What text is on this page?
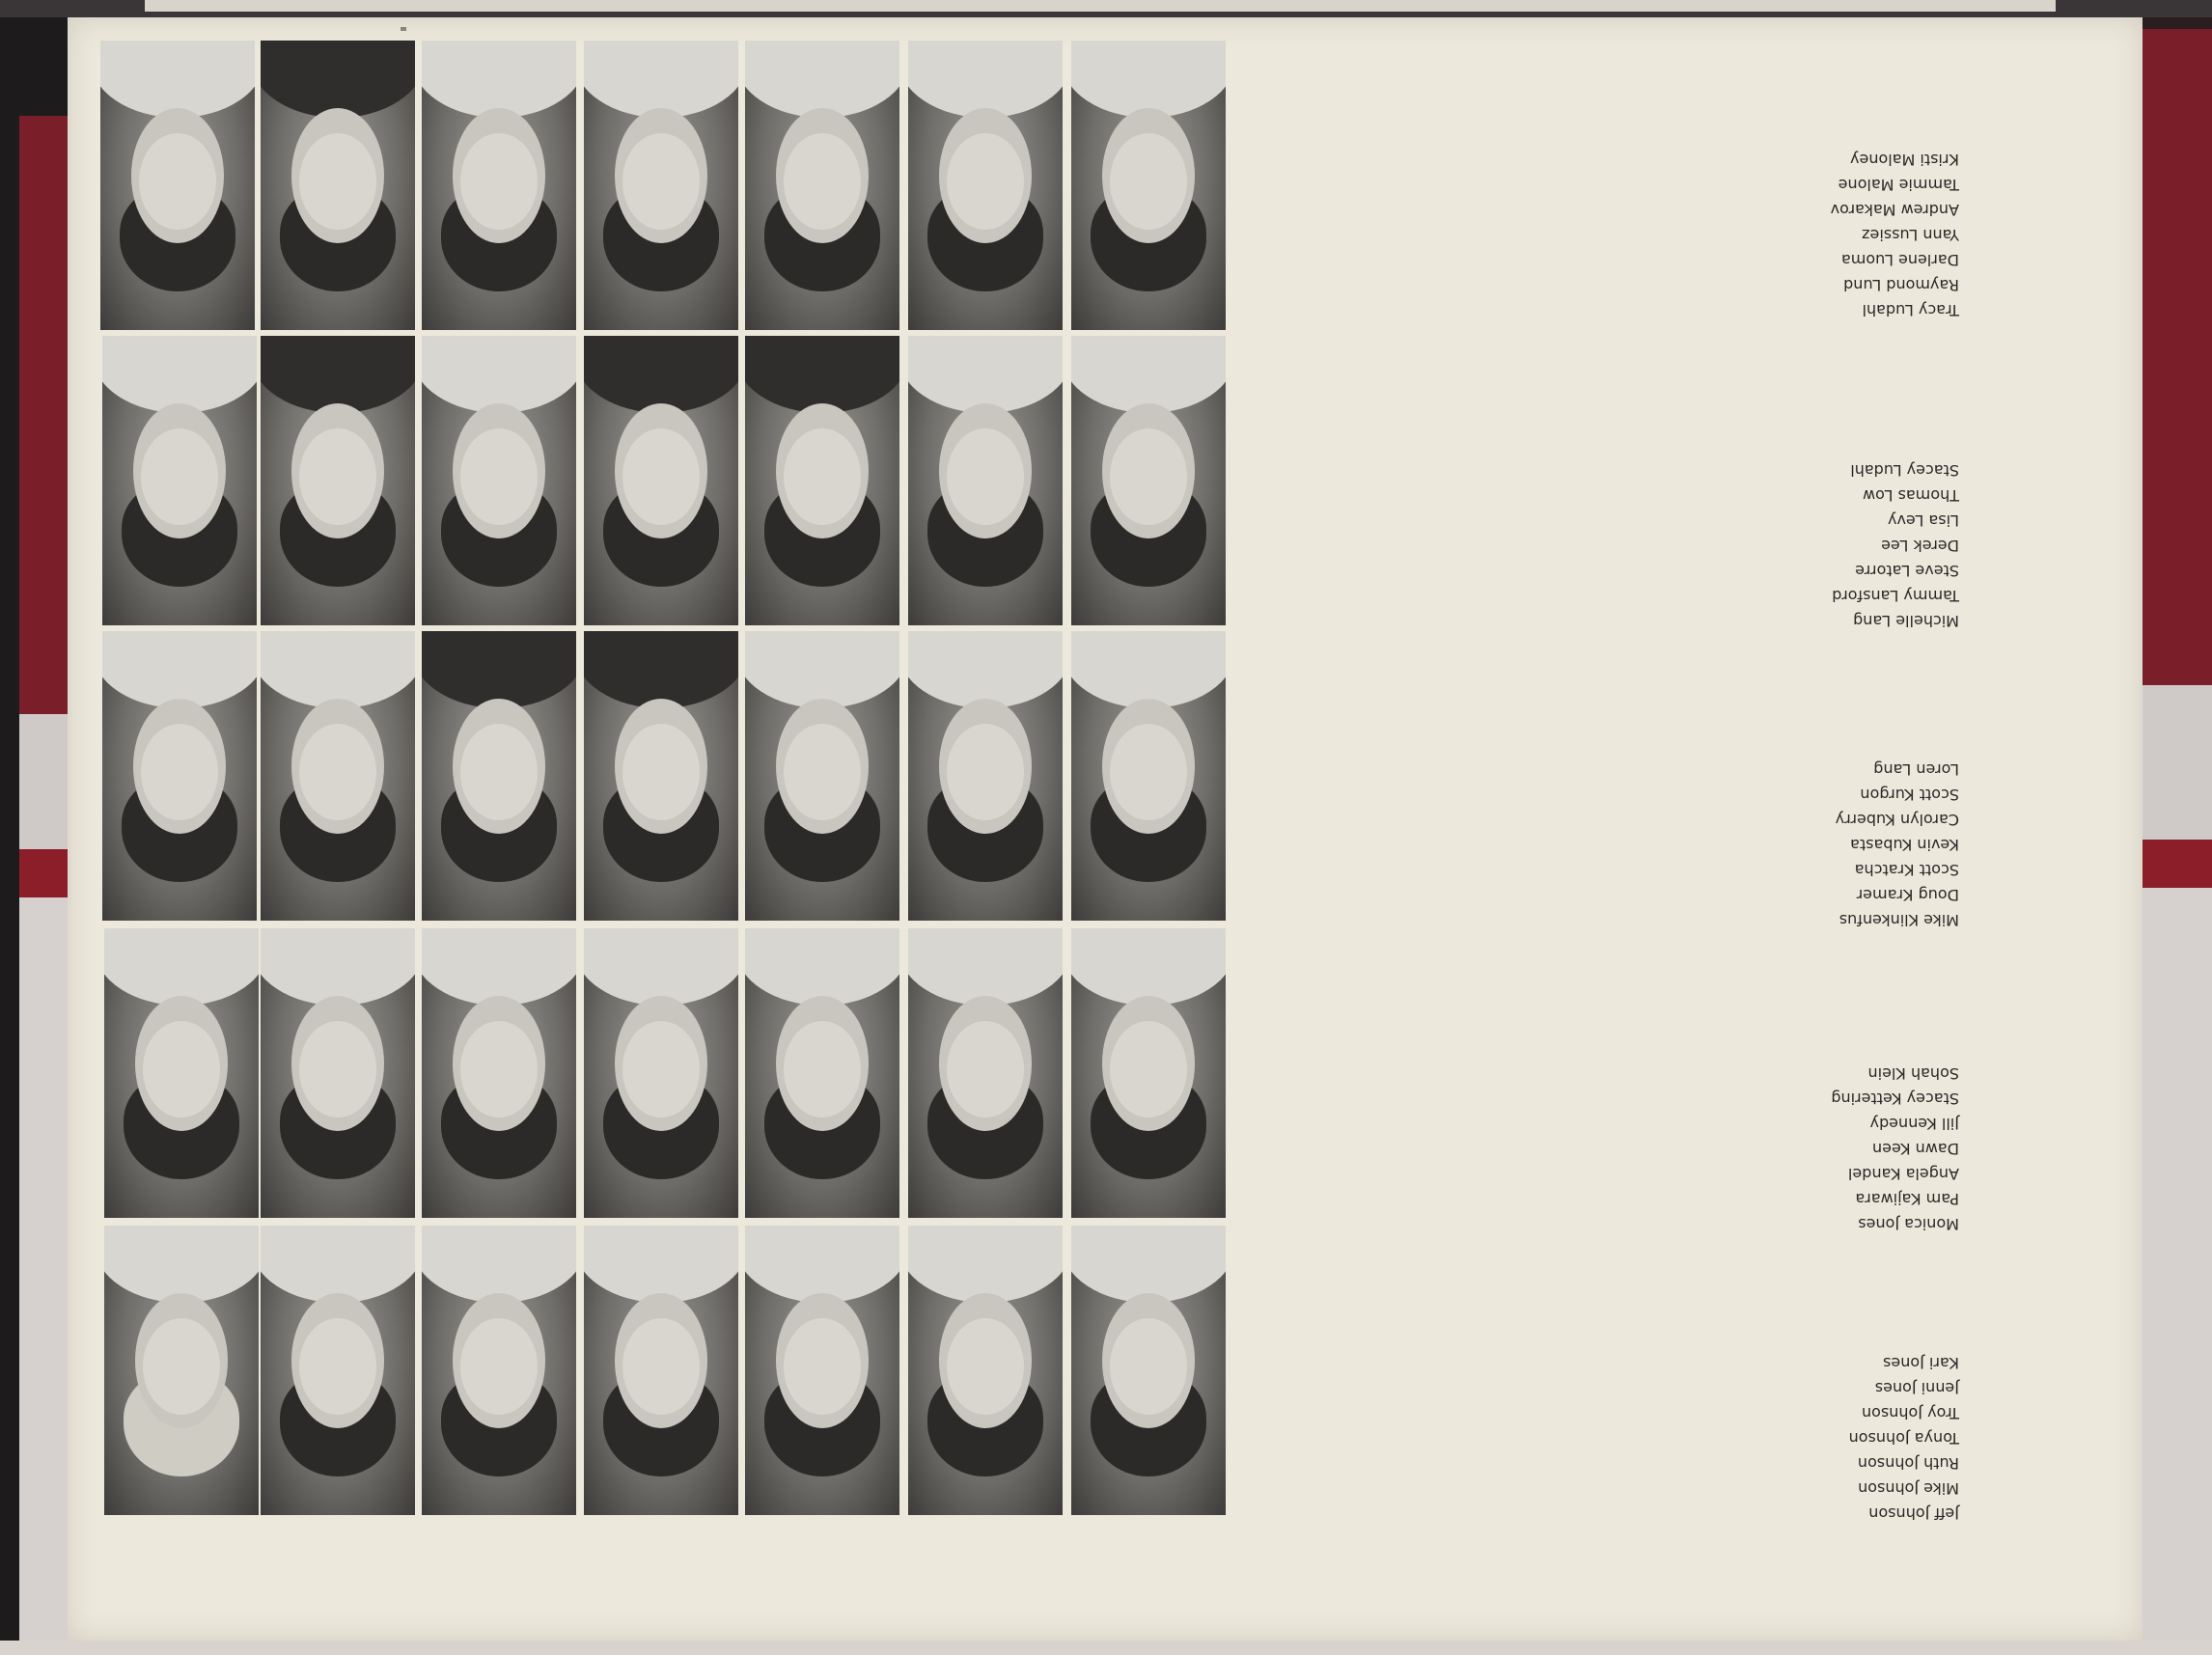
Tracy Ludahl
Raymond Lund
Darlene Luoma
Yann Lussiez
Andrew Makarov
Tammie Malone
Kristi Maloney
Michelle Lang
Tammy Lansford
Steve Latorre
Derek Lee
Lisa Levy
Thomas Low
Stacey Ludahl
Mike Klinkenfus
Doug Kramer
Scott Kratcha
Kevin Kubasta
Carolyn Kuberry
Scott Kurgon
Loren Lang
Monica Jones
Pam Kajiwara
Angela Kandel
Dawn Keen
Jill Kennedy
Stacey Kettering
Sohah Klein
Jeff Johnson
Mike Johnson
Ruth Johnson
Tonya Johnson
Troy Johnson
Jenni Jones
Kari Jones
